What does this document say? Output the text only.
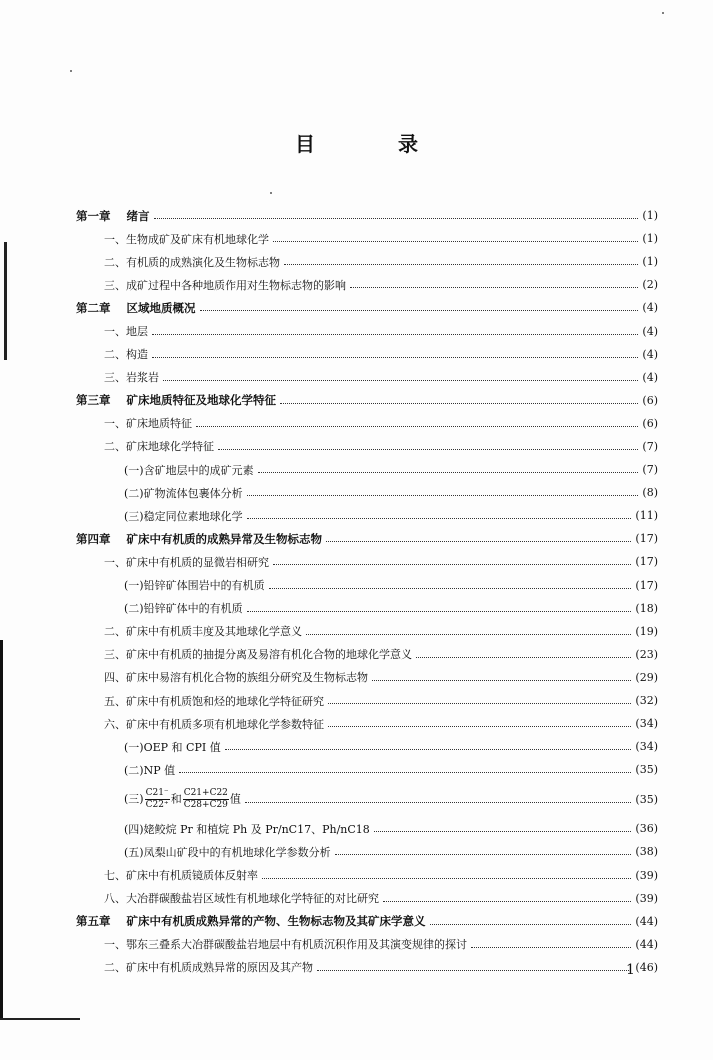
目 录
第一章 绪言	(1)
一、生物成矿及矿床有机地球化学	(1)
二、有机质的成熟演化及生物标志物	(1)
三、成矿过程中各种地质作用对生物标志物的影响	(2)
第二章 区域地质概况	(4)
一、地层	(4)
二、构造	(4)
三、岩浆岩	(4)
第三章 矿床地质特征及地球化学特征	(6)
一、矿床地质特征	(6)
二、矿床地球化学特征	(7)
(一)含矿地层中的成矿元素	(7)
(二)矿物流体包裹体分析	(8)
(三)稳定同位素地球化学	(11)
第四章 矿床中有机质的成熟异常及生物标志物	(17)
一、矿床中有机质的显微岩相研究	(17)
(一)铅锌矿体围岩中的有机质	(17)
(二)铅锌矿体中的有机质	(18)
二、矿床中有机质丰度及其地球化学意义	(19)
三、矿床中有机质的抽提分离及易溶有机化合物的地球化学意义	(23)
四、矿床中易溶有机化合物的族组分研究及生物标志物	(29)
五、矿床中有机质饱和烃的地球化学特征研究	(32)
六、矿床中有机质多项有机地球化学参数特征	(34)
(一)OEP 和 CPI 值	(34)
(二)NP 值	(35)
(三) $\frac{C21^-}{C22^+}$ 和 $\frac{C21+C22}{C28+C29}$ 值	(35)
(四)姥鲛烷 Pr 和植烷 Ph 及 Pr/nC17、Ph/nC18	(36)
(五)凤梨山矿段中的有机地球化学参数分析	(38)
七、矿床中有机质镜质体反射率	(39)
八、大冶群碳酸盐岩区域性有机地球化学特征的对比研究	(39)
第五章 矿床中有机质成熟异常的产物、生物标志物及其矿床学意义	(44)
一、鄂东三叠系大冶群碳酸盐岩地层中有机质沉积作用及其演变规律的探讨	(44)
二、矿床中有机质成熟异常的原因及其产物	(46)
1
